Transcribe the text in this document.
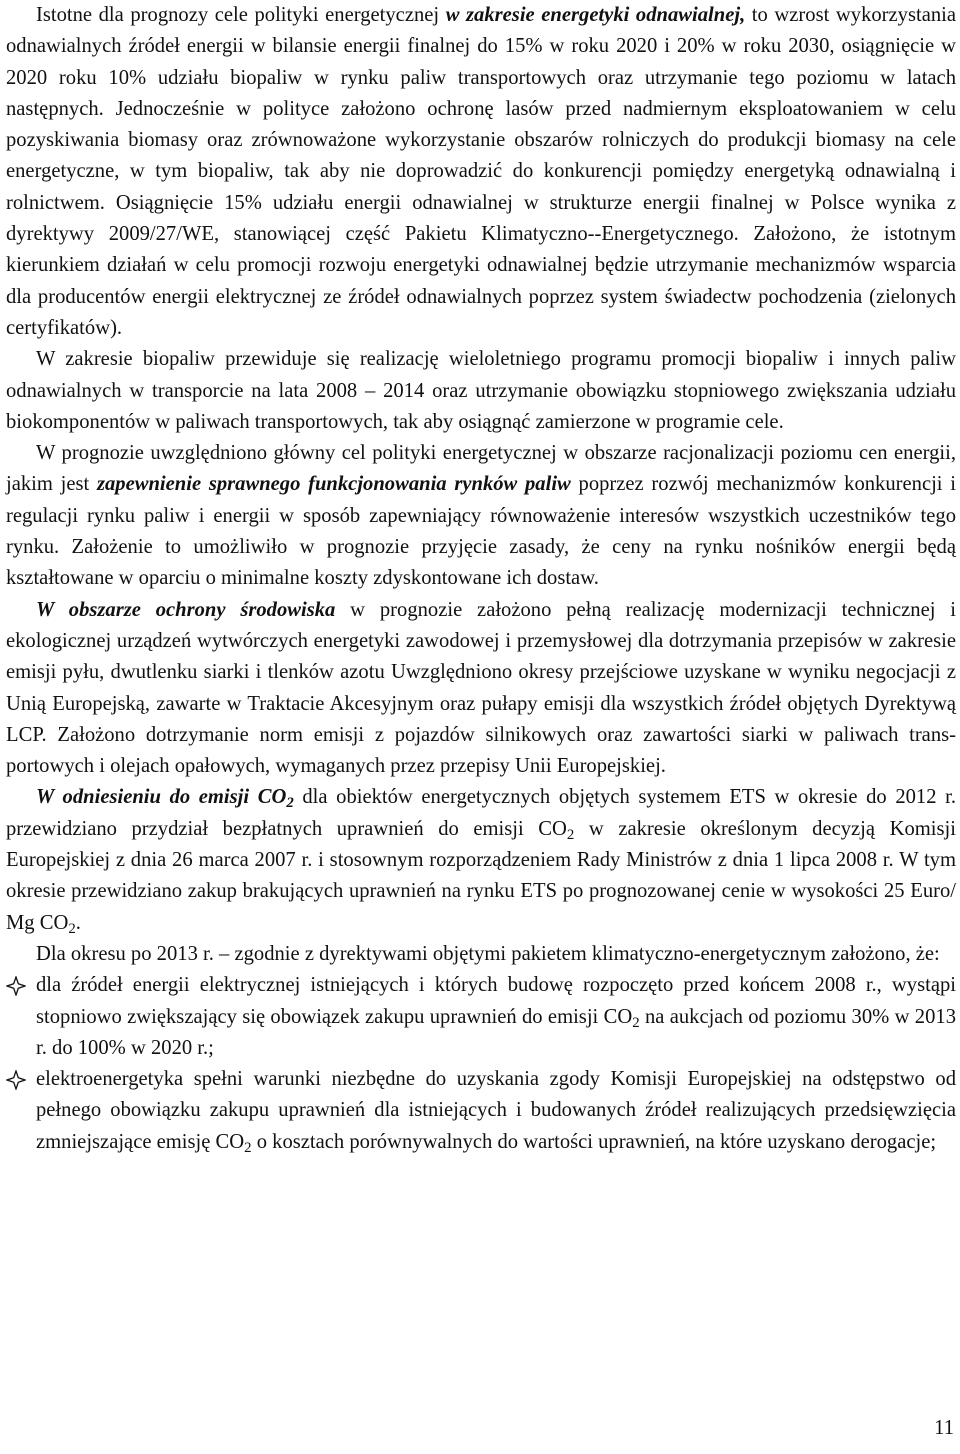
Istotne dla prognozy cele polityki energetycznej w zakresie energetyki odnawialnej, to wzrost wykorzystania odnawialnych źródeł energii w bilansie energii finalnej do 15% w roku 2020 i 20% w roku 2030, osiągnięcie w 2020 roku 10% udziału biopaliw w rynku paliw transportowych oraz utrzymanie tego poziomu w latach następnych. Jednocześnie w polityce założono ochronę lasów przed nadmiernym eksploatowaniem w celu pozyskiwania biomasy oraz zrównoważone wykorzystanie obszarów rolniczych do produkcji biomasy na cele energetyczne, w tym biopaliw, tak aby nie doprowadzić do konkurencji pomiędzy energetyką odnawialną i rolnictwem. Osiągnięcie 15% udziału energii odnawialnej w strukturze energii finalnej w Polsce wynika z dyrektywy 2009/27/WE, stanowiącej część Pakietu Klimatyczno-​-Energetycznego. Założono, że istotnym kierunkiem działań w celu promocji rozwoju energetyki odnawialnej będzie utrzymanie mechanizmów wsparcia dla producentów energii elektrycznej ze źródeł odnawialnych poprzez system świadectw pochodzenia (zielonych certyfikatów).

W zakresie biopaliw przewiduje się realizację wieloletniego programu promocji biopaliw i innych paliw odnawialnych w transporcie na lata 2008 – 2014 oraz utrzymanie obowiązku stopniowego zwiększania udziału biokomponentów w paliwach transportowych, tak aby osiągnąć zamierzone w programie cele.

W prognozie uwzględniono główny cel polityki energetycznej w obszarze racjonalizacji poziomu cen energii, jakim jest zapewnienie sprawnego funkcjonowania rynków paliw poprzez rozwój mechanizmów konkurencji i regulacji rynku paliw i energii w sposób zapewniający równoważenie interesów wszystkich uczestników tego rynku. Założenie to umożliwiło w prognozie przyjęcie zasady, że ceny na rynku nośników energii będą kształtowane w oparciu o minimalne koszty zdyskontowane ich dostaw.

W obszarze ochrony środowiska w prognozie założono pełną realizację modernizacji technicznej i ekologicznej urządzeń wytwórczych energetyki zawodowej i przemysłowej dla dotrzymania przepisów w zakresie emisji pyłu, dwutlenku siarki i tlenków azotu Uwzględniono okresy przejściowe uzyskane w wyniku negocjacji z Unią Europejską, zawarte w Traktacie Akcesyjnym oraz pułapy emisji dla wszystkich źródeł objętych Dyrektywą LCP. Założono dotrzymanie norm emisji z pojazdów silnikowych oraz zawartości siarki w paliwach transportowych i olejach opałowych, wymaganych przez przepisy Unii Europejskiej.

W odniesieniu do emisji $CO_2$ dla obiektów energetycznych objętych systemem ETS w okresie do 2012 r. przewidziano przydział bezpłatnych uprawnień do emisji $CO_2$ w zakresie określonym decyzją Komisji Europejskiej z dnia 26 marca 2007 r. i stosownym rozporządzeniem Rady Ministrów z dnia 1 lipca 2008 r. W tym okresie przewidziano zakup brakujących uprawnień na rynku ETS po prognozowanej cenie w wysokości 25 Euro/ Mg $CO_2$.

Dla okresu po 2013 r. – zgodnie z dyrektywami objętymi pakietem klimatyczno-energetycznym założono, że:

dla źródeł energii elektrycznej istniejących i których budowę rozpoczęto przed końcem 2008 r., wystąpi stopniowo zwiększający się obowiązek zakupu uprawnień do emisji $CO_2$ na aukcjach od poziomu 30% w 2013 r. do 100% w 2020 r.;
elektroenergetyka spełni warunki niezbędne do uzyskania zgody Komisji Europejskiej na odstępstwo od pełnego obowiązku zakupu uprawnień dla istniejących i budowanych źródeł realizujących przedsięwzięcia zmniejszające emisję $CO_2$ o kosztach porównywalnych do wartości uprawnień, na które uzyskano derogacje;
11
